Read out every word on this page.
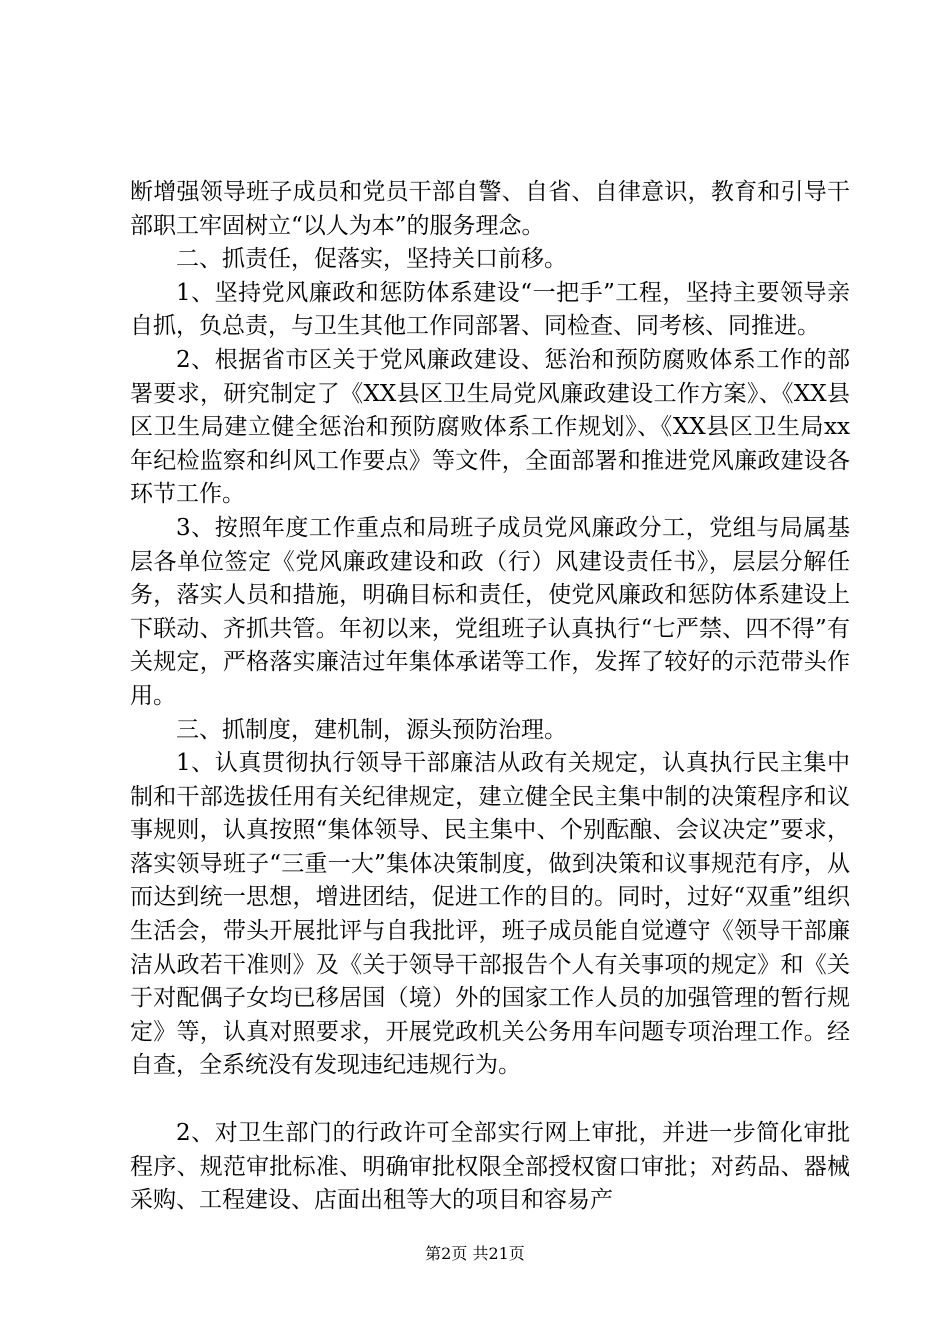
断增强领导班子成员和党员干部自警、自省、自律意识，教育和引导干部职工牢固树立“以人为本”的服务理念。

二、抓责任，促落实，坚持关口前移。

1、坚持党风廉政和惩防体系建设“一把手”工程，坚持主要领导亲自抓，负总责，与卫生其他工作同部署、同检查、同考核、同推进。

2、根据省市区关于党风廉政建设、惩治和预防腐败体系工作的部署要求，研究制定了《XX县区卫生局党风廉政建设工作方案》、《XX县区卫生局建立健全惩治和预防腐败体系工作规划》、《XX县区卫生局xx年纪检监察和纠风工作要点》等文件，全面部署和推进党风廉政建设各环节工作。

3、按照年度工作重点和局班子成员党风廉政分工，党组与局属基层各单位签定《党风廉政建设和政（行）风建设责任书》，层层分解任务，落实人员和措施，明确目标和责任，使党风廉政和惩防体系建设上下联动、齐抓共管。年初以来，党组班子认真执行“七严禁、四不得”有关规定，严格落实廉洁过年集体承诺等工作，发挥了较好的示范带头作用。

三、抓制度，建机制，源头预防治理。

1、认真贯彻执行领导干部廉洁从政有关规定，认真执行民主集中制和干部选拔任用有关纪律规定，建立健全民主集中制的决策程序和议事规则，认真按照“集体领导、民主集中、个别酝酿、会议决定”要求，落实领导班子“三重一大”集体决策制度，做到决策和议事规范有序，从而达到统一思想，增进团结，促进工作的目的。同时，过好“双重”组织生活会，带头开展批评与自我批评，班子成员能自觉遵守《领导干部廉洁从政若干准则》及《关于领导干部报告个人有关事项的规定》和《关于对配偶子女均已移居国（境）外的国家工作人员的加强管理的暂行规定》等，认真对照要求，开展党政机关公务用车问题专项治理工作。经自查，全系统没有发现违纪违规行为。

2、对卫生部门的行政许可全部实行网上审批，并进一步简化审批程序、规范审批标准、明确审批权限全部授权窗口审批；对药品、器械采购、工程建设、店面出租等大的项目和容易产

第2页 共21页
